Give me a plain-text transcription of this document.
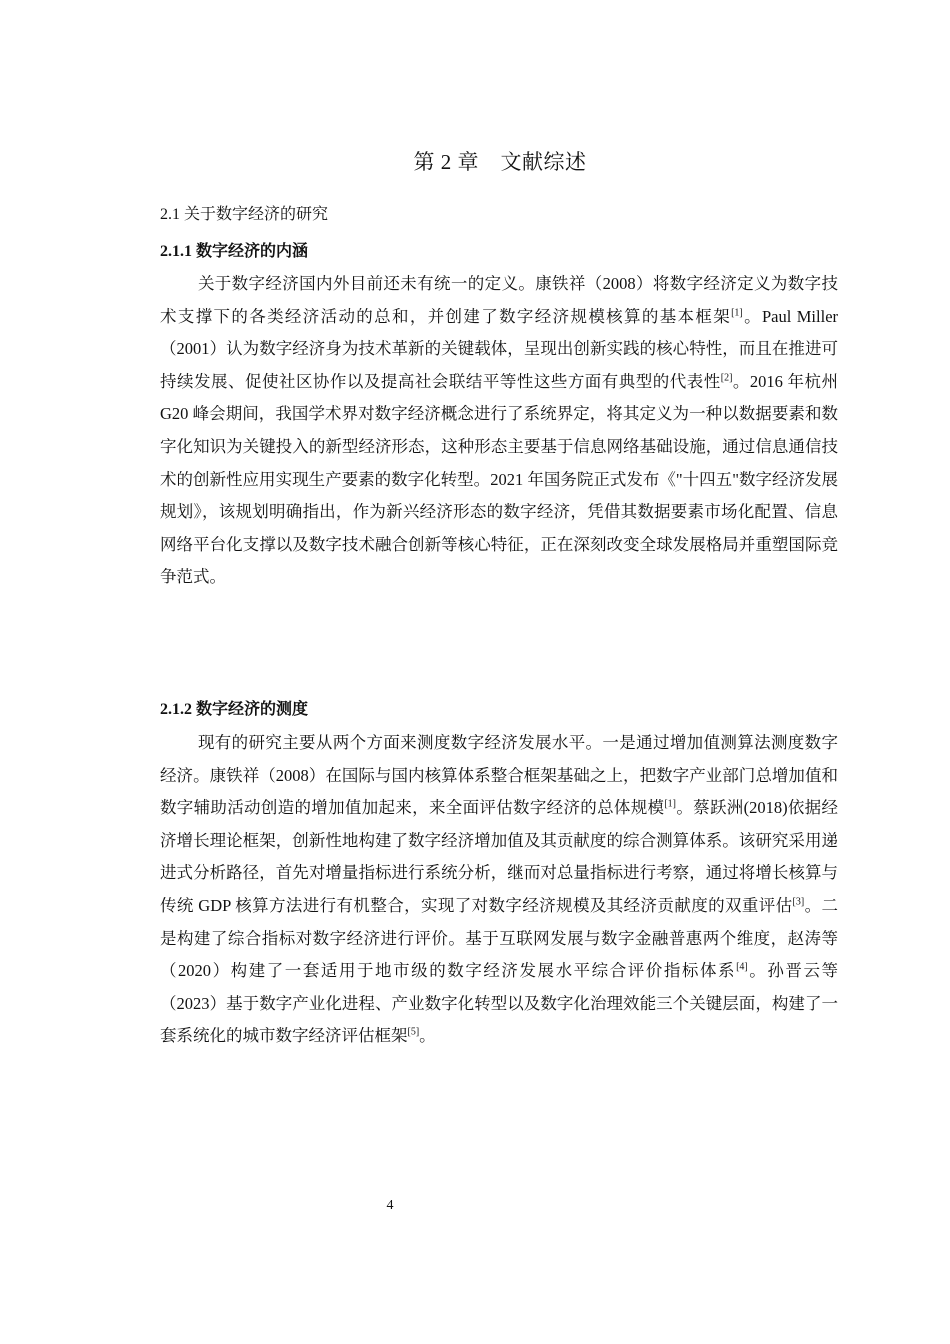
第 2 章　文献综述
2.1 关于数字经济的研究
2.1.1 数字经济的内涵

关于数字经济国内外目前还未有统一的定义。康铁祥（2008）将数字经济定义为数字技术支撑下的各类经济活动的总和，并创建了数字经济规模核算的基本框架[1]。Paul Miller（2001）认为数字经济身为技术革新的关键载体，呈现出创新实践的核心特性，而且在推进可持续发展、促使社区协作以及提高社会联结平等性这些方面有典型的代表性[2]。2016 年杭州 G20 峰会期间，我国学术界对数字经济概念进行了系统界定，将其定义为一种以数据要素和数字化知识为关键投入的新型经济形态，这种形态主要基于信息网络基础设施，通过信息通信技术的创新性应用实现生产要素的数字化转型。2021 年国务院正式发布《"十四五"数字经济发展规划》，该规划明确指出，作为新兴经济形态的数字经济，凭借其数据要素市场化配置、信息网络平台化支撑以及数字技术融合创新等核心特征，正在深刻改变全球发展格局并重塑国际竞争范式。

2.1.2 数字经济的测度

现有的研究主要从两个方面来测度数字经济发展水平。一是通过增加值测算法测度数字经济。康铁祥（2008）在国际与国内核算体系整合框架基础之上，把数字产业部门总增加值和数字辅助活动创造的增加值加起来，来全面评估数字经济的总体规模[1]。蔡跃洲(2018)依据经济增长理论框架，创新性地构建了数字经济增加值及其贡献度的综合测算体系。该研究采用递进式分析路径，首先对增量指标进行系统分析，继而对总量指标进行考察，通过将增长核算与传统 GDP 核算方法进行有机整合，实现了对数字经济规模及其经济贡献度的双重评估[3]。二是构建了综合指标对数字经济进行评价。基于互联网发展与数字金融普惠两个维度，赵涛等（2020）构建了一套适用于地市级的数字经济发展水平综合评价指标体系[4]。孙晋云等（2023）基于数字产业化进程、产业数字化转型以及数字化治理效能三个关键层面，构建了一套系统化的城市数字经济评估框架[5]。

4
